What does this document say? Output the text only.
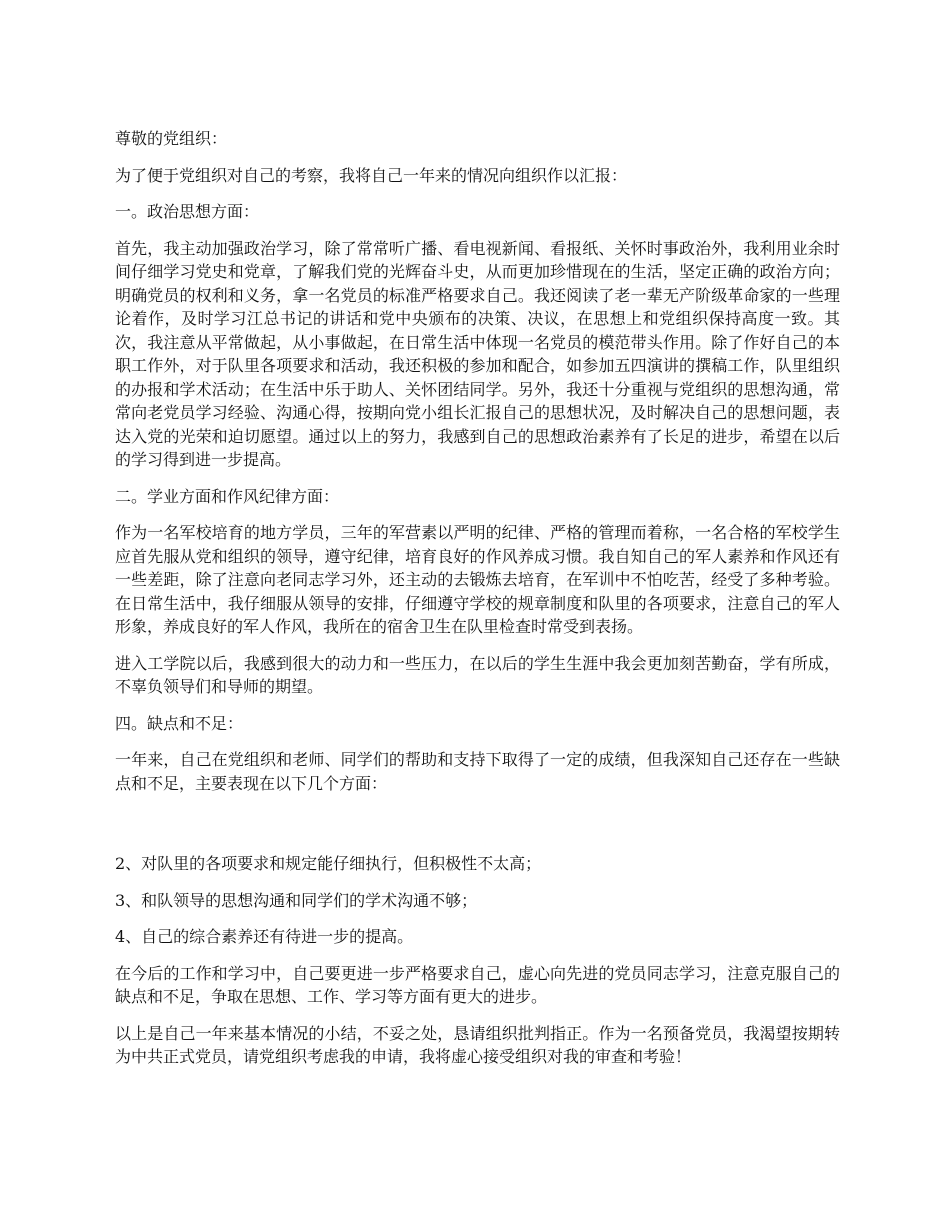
尊敬的党组织：

为了便于党组织对自己的考察，我将自己一年来的情况向组织作以汇报：

一。政治思想方面：

首先，我主动加强政治学习，除了常常听广播、看电视新闻、看报纸、关怀时事政治外，我利用业余时间仔细学习党史和党章，了解我们党的光辉奋斗史，从而更加珍惜现在的生活，坚定正确的政治方向；明确党员的权利和义务，拿一名党员的标准严格要求自己。我还阅读了老一辈无产阶级革命家的一些理论着作，及时学习江总书记的讲话和党中央颁布的决策、决议，在思想上和党组织保持高度一致。其次，我注意从平常做起，从小事做起，在日常生活中体现一名党员的模范带头作用。除了作好自己的本职工作外，对于队里各项要求和活动，我还积极的参加和配合，如参加五四演讲的撰稿工作，队里组织的办报和学术活动；在生活中乐于助人、关怀团结同学。另外，我还十分重视与党组织的思想沟通，常常向老党员学习经验、沟通心得，按期向党小组长汇报自己的思想状况，及时解决自己的思想问题，表达入党的光荣和迫切愿望。通过以上的努力，我感到自己的思想政治素养有了长足的进步，希望在以后的学习得到进一步提高。

二。学业方面和作风纪律方面：

作为一名军校培育的地方学员，三年的军营素以严明的纪律、严格的管理而着称，一名合格的军校学生应首先服从党和组织的领导，遵守纪律，培育良好的作风养成习惯。我自知自己的军人素养和作风还有一些差距，除了注意向老同志学习外，还主动的去锻炼去培育，在军训中不怕吃苦，经受了多种考验。在日常生活中，我仔细服从领导的安排，仔细遵守学校的规章制度和队里的各项要求，注意自己的军人形象，养成良好的军人作风，我所在的宿舍卫生在队里检查时常受到表扬。

进入工学院以后，我感到很大的动力和一些压力，在以后的学生生涯中我会更加刻苦勤奋，学有所成，不辜负领导们和导师的期望。

四。缺点和不足：

一年来，自己在党组织和老师、同学们的帮助和支持下取得了一定的成绩，但我深知自己还存在一些缺点和不足，主要表现在以下几个方面：

2、对队里的各项要求和规定能仔细执行，但积极性不太高；

3、和队领导的思想沟通和同学们的学术沟通不够；

4、自己的综合素养还有待进一步的提高。

在今后的工作和学习中，自己要更进一步严格要求自己，虚心向先进的党员同志学习，注意克服自己的缺点和不足，争取在思想、工作、学习等方面有更大的进步。

以上是自己一年来基本情况的小结，不妥之处，恳请组织批判指正。作为一名预备党员，我渴望按期转为中共正式党员，请党组织考虑我的申请，我将虚心接受组织对我的审查和考验！
